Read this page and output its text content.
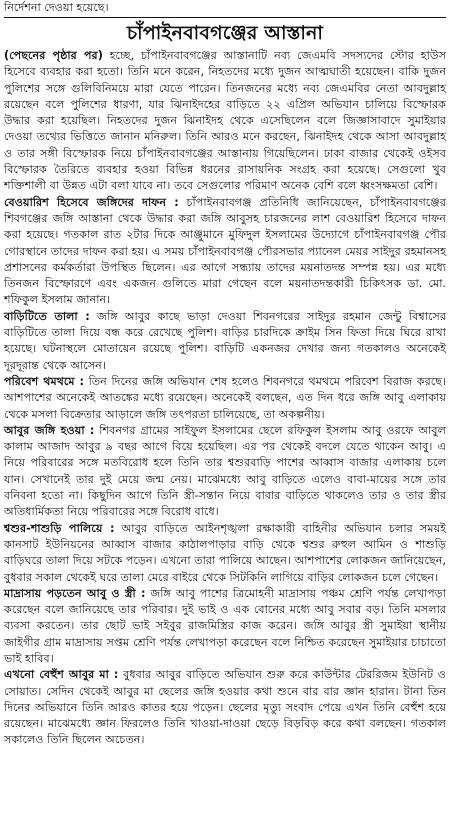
নির্দেশনা দেওয়া হয়েছে।

চাঁপাইনবাবগঞ্জের আস্তানা

(পেছনের পৃষ্ঠার পর) হচ্ছে, চাঁপাইনবাবগঞ্জের আস্তানাটি নব্য জেএমবি সদস্যদের স্টোর হাউস হিসেবে ব্যবহার করা হতো। তিনি মনে করেন, নিহতদের মধ্যে দুজন আত্মঘাতী হয়েছেন। বাকি দুজন পুলিশের সঙ্গে গুলিবিনিময়ে মারা যেতে পারেন। তিনজনের মধ্যে নব্য জেএমবির নেতা আবদুল্লাহ রয়েছেন বলে পুলিশের ধারণা, যার ঝিনাইদহের বাড়িতে ২২ এপ্রিল অভিযান চালিয়ে বিস্ফোরক উদ্ধার করা হয়েছিল। নিহতদের দুজন ঝিনাইদহ থেকে এসেছিলেন বলে জিজ্ঞাসাবাদে সুমাইয়ার দেওয়া তথ্যের ভিত্তিতে জানান মনিরুল। তিনি আরও মনে করছেন, ঝিনাইদহ থেকে আসা আবদুল্লাহ ও তার সঙ্গী বিস্ফোরক নিয়ে চাঁপাইনবাবগঞ্জের আস্তানায় গিয়েছিলেন। ঢাকা বাজার থেকেই ওইসব বিস্ফোরক তৈরিতে ব্যবহার হওয়া বিভিন্ন ধরনের রাসায়নিক সংগ্রহ করা হয়েছে। সেগুলো খুব শক্তিশালী বা উন্নত এটা বলা যাবে না। তবে সেগুলোর পরিমাণ অনেক বেশি বলে ধ্বংসক্ষমতা বেশি।

বেওয়ারিশ হিসেবে জঙ্গিদের দাফন : চাঁপাইনবাবগঞ্জ প্রতিনিধি জানিয়েছেন, চাঁপাইনবাবগঞ্জের শিবগঞ্জের জঙ্গি আস্তানা থেকে উদ্ধার করা জঙ্গি আবুসহ চারজনের লাশ বেওয়ারিশ হিসেবে দাফন করা হয়েছে। গতকাল রাত ২টার দিকে আঞ্জুমানে মুফিদুল ইসলামের উদ্যোগে চাঁপাইনবাবগঞ্জ পৌর গোরস্থানে তাদের দাফন করা হয়। এ সময় চাঁপাইনবাবগঞ্জ পৌরসভার প্যানেল মেয়র সাইদুর রহমানসহ প্রশাসনের কর্মকর্তারা উপস্থিত ছিলেন। এর আগে সন্ধ্যায় তাদের ময়নাতদন্ত সম্পন্ন হয়। এর মধ্যে তিনজন বিস্ফোরণে এবং একজন গুলিতে মারা গেছেন বলে ময়নাতদন্তকারী চিকিৎসক ডা. মো. শফিকুল ইসলাম জানান।

বাড়িটিতে তালা : জঙ্গি আবুর কাছে ভাড়া দেওয়া শিবনগরের সাইদুর রহমান জেন্টু বিশ্বাসের বাড়িটিতে তালা দিয়ে বন্ধ করে রেখেছে পুলিশ। বাড়ির চারদিকে ক্রাইম সিন ফিতা দিয়ে ঘিরে রাখা হয়েছে। ঘটনাস্থলে মোতায়েন রয়েছে পুলিশ। বাড়িটি একনজর দেখার জন্য গতকালও অনেকেই দূরদূরান্ত থেকে আসেন।

পরিবেশ থমথমে : তিন দিনের জঙ্গি অভিযান শেষ হলেও শিবনগরে থমথমে পরিবেশ বিরাজ করছে। আশপাশের অনেকেই আতঙ্কের মধ্যে রয়েছেন। অনেকেই বলছেন, এত দিন ধরে জঙ্গি আবু এলাকায় থেকে মসলা বিক্রেতার আড়ালে জঙ্গি তৎপরতা চালিয়েছে, তা অকল্পনীয়।

আবুর জঙ্গি হওয়া : শিবনগর গ্রামের সাইফুল ইসলামের ছেলে রফিকুল ইসলাম আবু ওরফে আবুল কালাম আজাদ আবুর ৯ বছর আগে বিয়ে হয়েছিল। এর পর থেকেই বদলে যেতে থাকেন আবু। এ নিয়ে পরিবারের সঙ্গে মতবিরোধ হলে তিনি তার শ্বশুরবাড়ি পাশের আব্বাস বাজার এলাকায় চলে যান। সেখানেই তার দুই মেয়ে জন্ম নেয়। মাঝেমধ্যে আবু বাড়িতে এলেও বাবা-মায়ের সঙ্গে তার বনিবনা হতো না। কিছুদিন আগে তিনি স্ত্রী-সন্তান নিয়ে বাবার বাড়িতে থাকলেও তার ও তার স্ত্রীর অতিধার্মিকতা নিয়ে পরিবারের সঙ্গে বিরোধ বাধে।

শ্বশুর-শাশুড়ি পালিয়ে : আবুর বাড়িতে আইনশৃঙ্খলা রক্ষাকারী বাহিনীর অভিযান চলার সময়ই কানসাট ইউনিয়নের আব্বাস বাজার কাঠালপাড়ার বাড়ি থেকে শ্বশুর রুহুল আমিন ও শাশুড়ি বাড়িঘরে তালা দিয়ে সটকে পড়েন। এখনো তারা পালিয়ে আছেন। আশপাশের লোকজন জানিয়েছেন, বুধবার সকাল থেকেই ঘরে তালা মেরে বাইরে থেকে সিটকিনি লাগিয়ে বাড়ির লোকজন চলে গেছেন।

মাদ্রাসায় পড়তেন আবু ও স্ত্রী : জঙ্গি আবু পাশের ত্রিমোহনী মাদ্রাসায় পঞ্চম শ্রেণি পর্যন্ত লেখাপড়া করেছেন বলে জানিয়েছে তার পরিবার। দুই ভাই ও এক বোনের মধ্যে আবু সবার বড়। তিনি মসলার ব্যবসা করতেন। তার ছোট ভাই সইবুর রাজমিস্ত্রির কাজ করেন। জঙ্গি আবুর স্ত্রী সুমাইয়া স্থানীয় জাইগীর গ্রাম মাদ্রাসায় সপ্তম শ্রেণি পর্যন্ত লেখাপড়া করেছেন বলে নিশ্চিত করেছেন সুমাইয়ার চাচাতো ভাই হাবিব।

এখনো বেহুঁশ আবুর মা : বুধবার আবুর বাড়িতে অভিযান শুরু করে কাউন্টার টেররিজম ইউনিট ও সোয়াত। সেদিন থেকেই আবুর মা ছেলের জঙ্গি হওয়ার কথা শুনে বার বার জ্ঞান হারান। টানা তিন দিনের অভিযানে তিনি আরও কাতর হয়ে পড়েন। ছেলের মৃত্যু সংবাদ পেয়ে এখন তিনি বেহুঁশ হয়ে রয়েছেন। মাঝেমধ্যে জ্ঞান ফিরলেও তিনি খাওয়া-দাওয়া ছেড়ে বিড়বিড় করে কথা বলছেন। গতকাল সকালেও তিনি ছিলেন অচেতন।
